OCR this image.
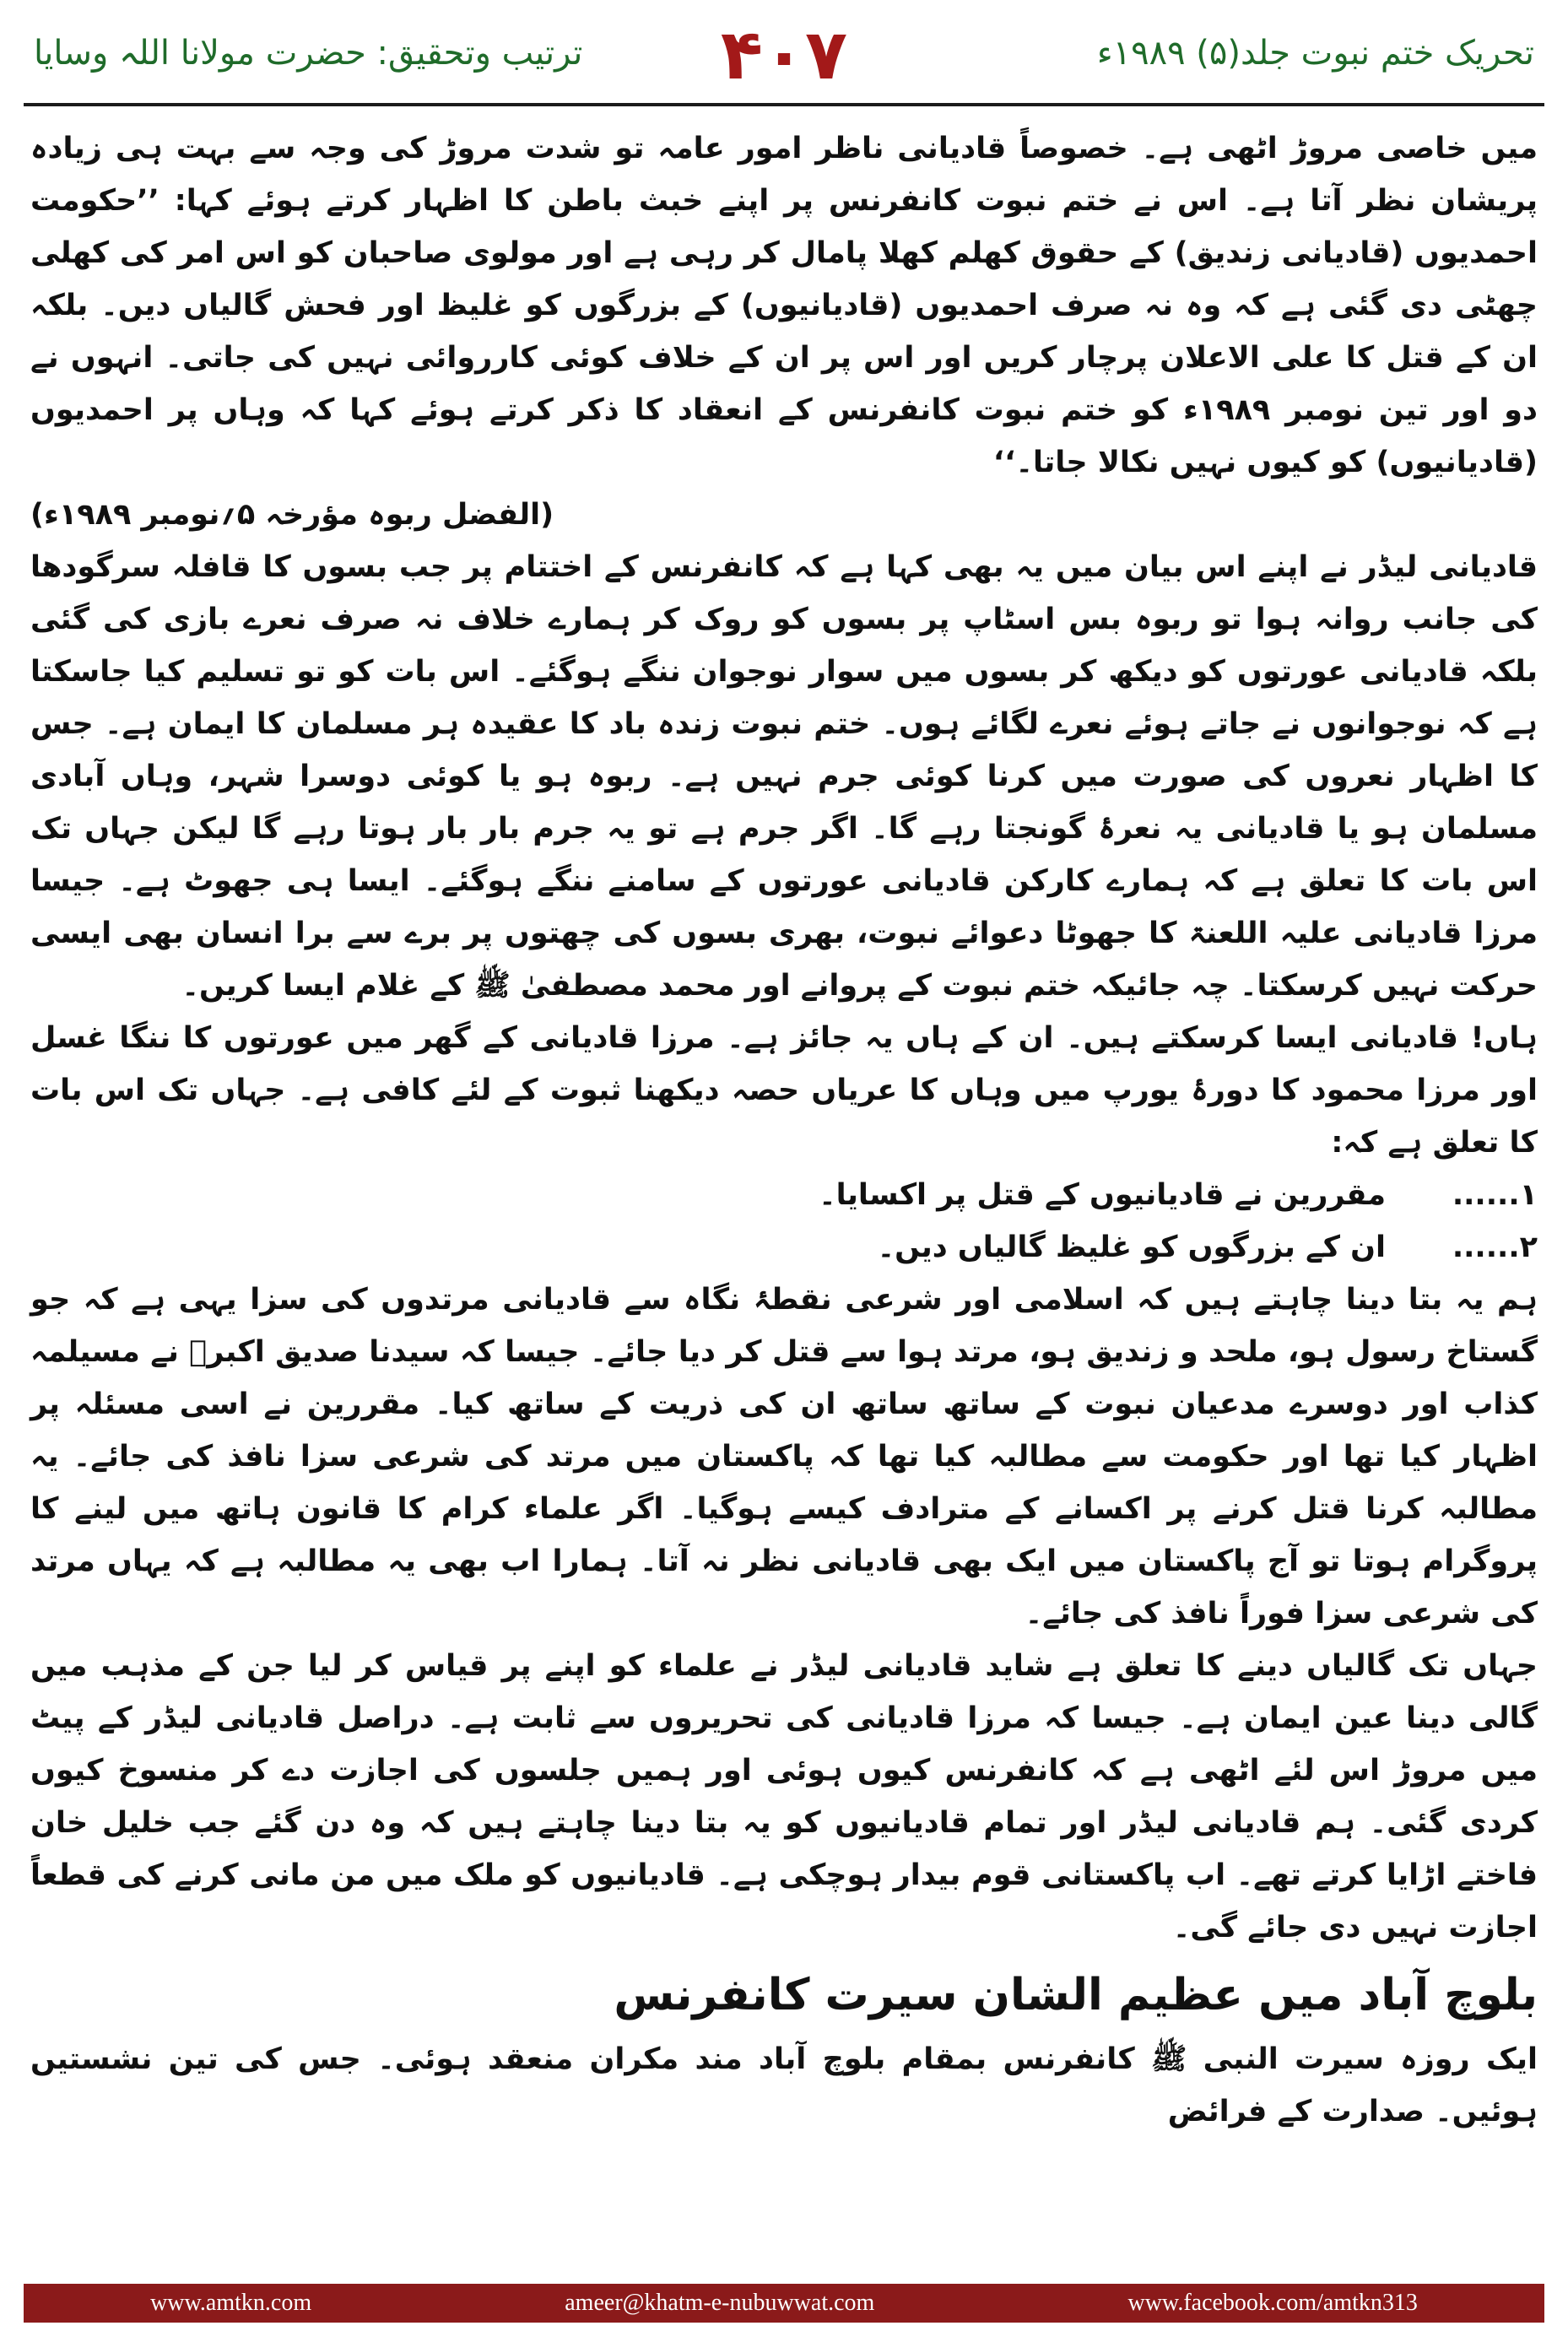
تحریک ختم نبوت جلد(۵) ۱۹۸۹ء
۴۰۷
ترتیب وتحقیق: حضرت مولانا اللہ وسایا

میں خاصی مروڑ اٹھی ہے۔ خصوصاً قادیانی ناظر امور عامہ تو شدت مروڑ کی وجہ سے بہت ہی زیادہ پریشان نظر آتا ہے۔ اس نے ختم نبوت کانفرنس پر اپنے خبث باطن کا اظہار کرتے ہوئے کہا: ’’حکومت احمدیوں (قادیانی زندیق) کے حقوق کھلم کھلا پامال کر رہی ہے اور مولوی صاحبان کو اس امر کی کھلی چھٹی دی گئی ہے کہ وہ نہ صرف احمدیوں (قادیانیوں) کے بزرگوں کو غلیظ اور فحش گالیاں دیں۔ بلکہ ان کے قتل کا علی الاعلان پرچار کریں اور اس پر ان کے خلاف کوئی کارروائی نہیں کی جاتی۔ انہوں نے دو اور تین نومبر ۱۹۸۹ء کو ختم نبوت کانفرنس کے انعقاد کا ذکر کرتے ہوئے کہا کہ وہاں پر احمدیوں (قادیانیوں) کو کیوں نہیں نکالا جاتا۔‘‘

(الفضل ربوہ مؤرخہ ۵؍نومبر ۱۹۸۹ء)

قادیانی لیڈر نے اپنے اس بیان میں یہ بھی کہا ہے کہ کانفرنس کے اختتام پر جب بسوں کا قافلہ سرگودھا کی جانب روانہ ہوا تو ربوہ بس اسٹاپ پر بسوں کو روک کر ہمارے خلاف نہ صرف نعرے بازی کی گئی بلکہ قادیانی عورتوں کو دیکھ کر بسوں میں سوار نوجوان ننگے ہوگئے۔ اس بات کو تو تسلیم کیا جاسکتا ہے کہ نوجوانوں نے جاتے ہوئے نعرے لگائے ہوں۔ ختم نبوت زندہ باد کا عقیدہ ہر مسلمان کا ایمان ہے۔ جس کا اظہار نعروں کی صورت میں کرنا کوئی جرم نہیں ہے۔ ربوہ ہو یا کوئی دوسرا شہر، وہاں آبادی مسلمان ہو یا قادیانی یہ نعرۂ گونجتا رہے گا۔ اگر جرم ہے تو یہ جرم بار بار ہوتا رہے گا لیکن جہاں تک اس بات کا تعلق ہے کہ ہمارے کارکن قادیانی عورتوں کے سامنے ننگے ہوگئے۔ ایسا ہی جھوٹ ہے۔ جیسا مرزا قادیانی علیہ اللعنۃ کا جھوٹا دعوائے نبوت، بھری بسوں کی چھتوں پر برے سے برا انسان بھی ایسی حرکت نہیں کرسکتا۔ چہ جائیکہ ختم نبوت کے پروانے اور محمد مصطفیٰ ﷺ کے غلام ایسا کریں۔

ہاں! قادیانی ایسا کرسکتے ہیں۔ ان کے ہاں یہ جائز ہے۔ مرزا قادیانی کے گھر میں عورتوں کا ننگا غسل اور مرزا محمود کا دورۂ یورپ میں وہاں کا عریاں حصہ دیکھنا ثبوت کے لئے کافی ہے۔ جہاں تک اس بات کا تعلق ہے کہ:

۱......
مقررین نے قادیانیوں کے قتل پر اکسایا۔
۲......
ان کے بزرگوں کو غلیظ گالیاں دیں۔

ہم یہ بتا دینا چاہتے ہیں کہ اسلامی اور شرعی نقطۂ نگاہ سے قادیانی مرتدوں کی سزا یہی ہے کہ جو گستاخ رسول ہو، ملحد و زندیق ہو، مرتد ہوا سے قتل کر دیا جائے۔ جیسا کہ سیدنا صدیق اکبرؓ نے مسیلمہ کذاب اور دوسرے مدعیان نبوت کے ساتھ ساتھ ان کی ذریت کے ساتھ کیا۔ مقررین نے اسی مسئلہ پر اظہار کیا تھا اور حکومت سے مطالبہ کیا تھا کہ پاکستان میں مرتد کی شرعی سزا نافذ کی جائے۔ یہ مطالبہ کرنا قتل کرنے پر اکسانے کے مترادف کیسے ہوگیا۔ اگر علماء کرام کا قانون ہاتھ میں لینے کا پروگرام ہوتا تو آج پاکستان میں ایک بھی قادیانی نظر نہ آتا۔ ہمارا اب بھی یہ مطالبہ ہے کہ یہاں مرتد کی شرعی سزا فوراً نافذ کی جائے۔

جہاں تک گالیاں دینے کا تعلق ہے شاید قادیانی لیڈر نے علماء کو اپنے پر قیاس کر لیا جن کے مذہب میں گالی دینا عین ایمان ہے۔ جیسا کہ مرزا قادیانی کی تحریروں سے ثابت ہے۔ دراصل قادیانی لیڈر کے پیٹ میں مروڑ اس لئے اٹھی ہے کہ کانفرنس کیوں ہوئی اور ہمیں جلسوں کی اجازت دے کر منسوخ کیوں کردی گئی۔ ہم قادیانی لیڈر اور تمام قادیانیوں کو یہ بتا دینا چاہتے ہیں کہ وہ دن گئے جب خلیل خان فاختے اڑایا کرتے تھے۔ اب پاکستانی قوم بیدار ہوچکی ہے۔ قادیانیوں کو ملک میں من مانی کرنے کی قطعاً اجازت نہیں دی جائے گی۔

بلوچ آباد میں عظیم الشان سیرت کانفرنس

ایک روزہ سیرت النبی ﷺ کانفرنس بمقام بلوچ آباد مند مکران منعقد ہوئی۔ جس کی تین نشستیں ہوئیں۔ صدارت کے فرائض

www.amtkn.com	ameer@khatm-e-nubuwwat.com	www.facebook.com/amtkn313
